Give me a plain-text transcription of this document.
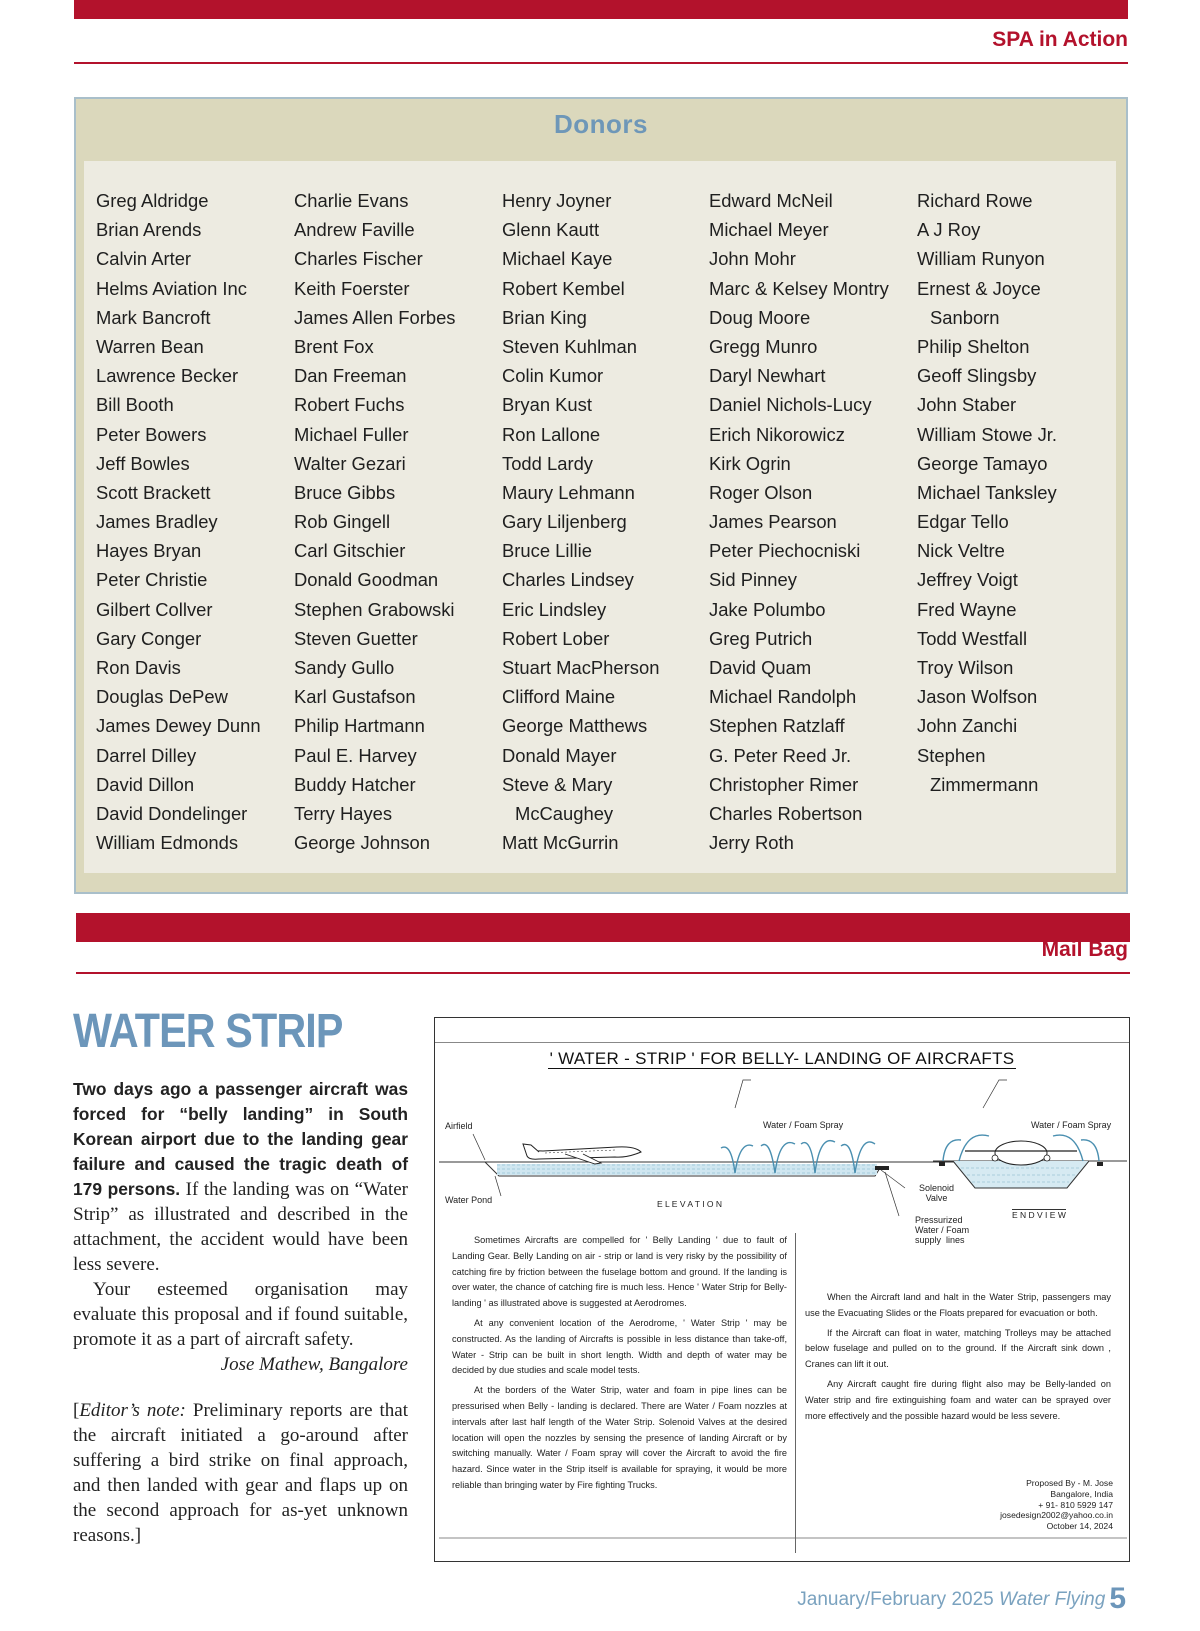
SPA in Action
Donors
Greg Aldridge
Brian Arends
Calvin Arter
Helms Aviation Inc
Mark Bancroft
Warren Bean
Lawrence Becker
Bill Booth
Peter Bowers
Jeff Bowles
Scott Brackett
James Bradley
Hayes Bryan
Peter Christie
Gilbert Collver
Gary Conger
Ron Davis
Douglas DePew
James Dewey Dunn
Darrel Dilley
David Dillon
David Dondelinger
William Edmonds
Charlie Evans
Andrew Faville
Charles Fischer
Keith Foerster
James Allen Forbes
Brent Fox
Dan Freeman
Robert Fuchs
Michael Fuller
Walter Gezari
Bruce Gibbs
Rob Gingell
Carl Gitschier
Donald Goodman
Stephen Grabowski
Steven Guetter
Sandy Gullo
Karl Gustafson
Philip Hartmann
Paul E. Harvey
Buddy Hatcher
Terry Hayes
George Johnson
Henry Joyner
Glenn Kautt
Michael Kaye
Robert Kembel
Brian King
Steven Kuhlman
Colin Kumor
Bryan Kust
Ron Lallone
Todd Lardy
Maury Lehmann
Gary Liljenberg
Bruce Lillie
Charles Lindsey
Eric Lindsley
Robert Lober
Stuart MacPherson
Clifford Maine
George Matthews
Donald Mayer
Steve & Mary
McCaughey
Matt McGurrin
Edward McNeil
Michael Meyer
John Mohr
Marc & Kelsey Montry
Doug Moore
Gregg Munro
Daryl Newhart
Daniel Nichols-Lucy
Erich Nikorowicz
Kirk Ogrin
Roger Olson
James Pearson
Peter Piechocniski
Sid Pinney
Jake Polumbo
Greg Putrich
David Quam
Michael Randolph
Stephen Ratzlaff
G. Peter Reed Jr.
Christopher Rimer
Charles Robertson
Jerry Roth
Richard Rowe
A J Roy
William Runyon
Ernest & Joyce
Sanborn
Philip Shelton
Geoff Slingsby
John Staber
William Stowe Jr.
George Tamayo
Michael Tanksley
Edgar Tello
Nick Veltre
Jeffrey Voigt
Fred Wayne
Todd Westfall
Troy Wilson
Jason Wolfson
John Zanchi
Stephen
Zimmermann
Mail Bag
WATER STRIP

Two days ago a passenger aircraft was forced for “belly landing” in South Korean airport due to the landing gear failure and caused the tragic death of 179 persons. If the landing was on “Water Strip” as illustrated and described in the attachment, the accident would have been less severe.

Your esteemed organisation may evaluate this proposal and if found suitable, promote it as a part of aircraft safety.

Jose Mathew, Bangalore

[Editor’s note: Preliminary reports are that the aircraft initiated a go-around after suffering a bird strike on final approach, and then landed with gear and flaps up on the second approach for as-yet unknown reasons.]

' WATER - STRIP ' FOR BELLY- LANDING OF AIRCRAFTS
Airfield
Water Pond
Water / Foam Spray	Water / Foam Spray
E L E V A T I O N
E N D V I E W
Solenoid
Valve
Pressurized
Water / Foam
supply  lines

Sometimes Aircrafts are compelled for ' Belly Landing ' due to fault of Landing Gear. Belly Landing on air - strip or land is very risky by the possibility of catching fire by friction between the fuselage bottom and ground. If the landing is over water, the chance of catching fire is much less. Hence ' Water Strip for Belly-landing ' as illustrated above is suggested at Aerodromes.

At any convenient location of the Aerodrome, ' Water Strip ' may be constructed. As the landing of Aircrafts is possible in less distance than take-off, Water - Strip can be built in short length. Width and depth of water may be decided by due studies and scale model tests.

At the borders of the Water Strip, water and foam in pipe lines can be pressurised when Belly - landing is declared. There are Water / Foam nozzles at intervals after last half length of the Water Strip. Solenoid Valves at the desired location will open the nozzles by sensing the presence of landing Aircraft or by switching manually. Water / Foam spray will cover the Aircraft to avoid the fire hazard. Since water in the Strip itself is available for spraying, it would be more reliable than bringing water by Fire fighting Trucks.

When the Aircraft land and halt in the Water Strip, passengers may use the Evacuating Slides or the Floats prepared for evacuation or both.

If the Aircraft can float in water, matching Trolleys may be attached below fuselage and pulled on to the ground. If the Aircraft sink down , Cranes can lift it out.

Any Aircraft caught fire during flight also may be Belly-landed on Water strip and fire extinguishing foam and water can be sprayed over more effectively and the possible hazard would be less severe.

Proposed By - M. Jose
Bangalore, India
+ 91- 810 5929 147
josedesign2002@yahoo.co.in
October 14, 2024
January/February 2025 Water Flying 5
